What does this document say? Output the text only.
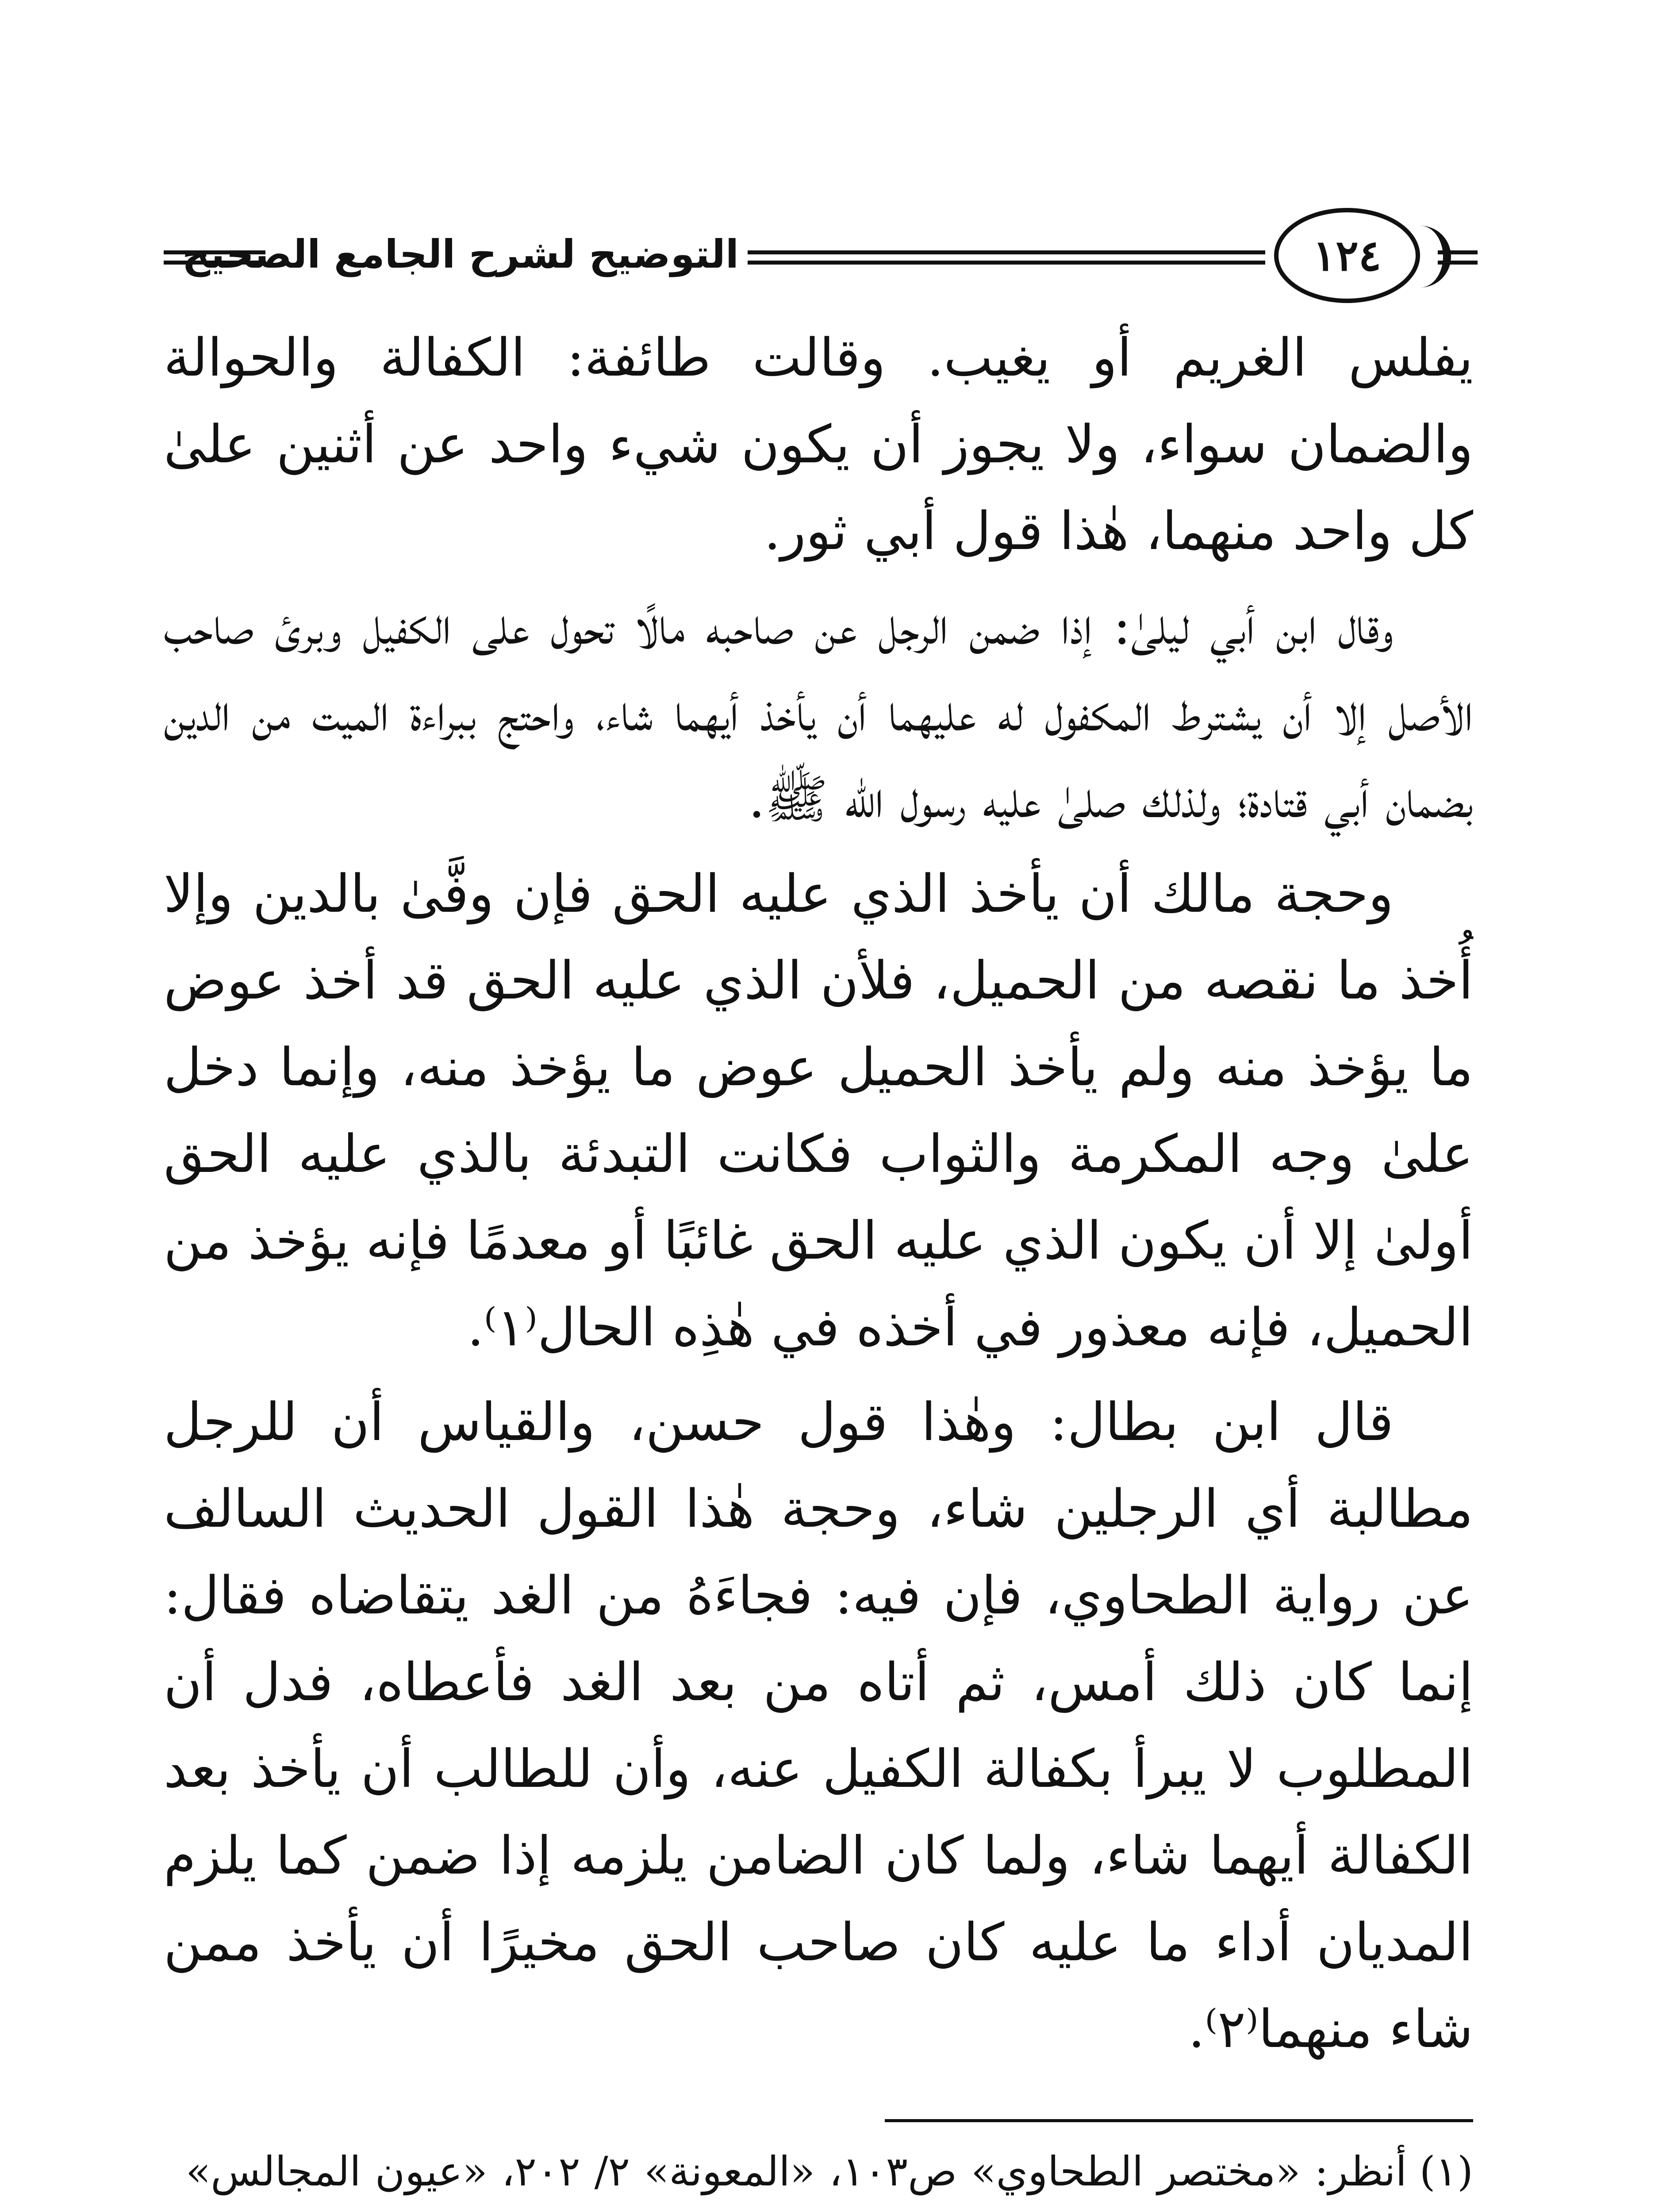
التوضيح لشرح الجامع الصحيح	١٢٤

يفلس الغريم أو يغيب. وقالت طائفة: الكفالة والحوالة والضمان سواء، ولا يجوز أن يكون شيء واحد عن أثنين علىٰ كل واحد منهما، هٰذا قول أبي ثور.

وقال ابن أبي ليلىٰ: إذا ضمن الرجل عن صاحبه مالًا تحول على الكفيل وبرئ صاحب الأصل إلا أن يشترط المكفول له عليهما أن يأخذ أيهما شاء، واحتج ببراءة الميت من الدين بضمان أبي قتادة؛ ولذلك صلىٰ عليه رسول الله ﷺ.

وحجة مالك أن يأخذ الذي عليه الحق فإن وفَّىٰ بالدين وإلا أُخذ ما نقصه من الحميل، فلأن الذي عليه الحق قد أخذ عوض ما يؤخذ منه ولم يأخذ الحميل عوض ما يؤخذ منه، وإنما دخل علىٰ وجه المكرمة والثواب فكانت التبدئة بالذي عليه الحق أولىٰ إلا أن يكون الذي عليه الحق غائبًا أو معدمًا فإنه يؤخذ من الحميل، فإنه معذور في أخذه في هٰذِه الحال⁽١⁾.

قال ابن بطال: وهٰذا قول حسن، والقياس أن للرجل مطالبة أي الرجلين شاء، وحجة هٰذا القول الحديث السالف عن رواية الطحاوي، فإن فيه: فجاءَهُ من الغد يتقاضاه فقال: إنما كان ذلك أمس، ثم أتاه من بعد الغد فأعطاه، فدل أن المطلوب لا يبرأ بكفالة الكفيل عنه، وأن للطالب أن يأخذ بعد الكفالة أيهما شاء، ولما كان الضامن يلزمه إذا ضمن كما يلزم المديان أداء ما عليه كان صاحب الحق مخيرًا أن يأخذ ممن شاء منهما⁽٢⁾.

(١)
أنظر: «مختصر الطحاوي» ص١٠٣، «المعونة» ٢/ ٢٠٢، «عيون المجالس»
